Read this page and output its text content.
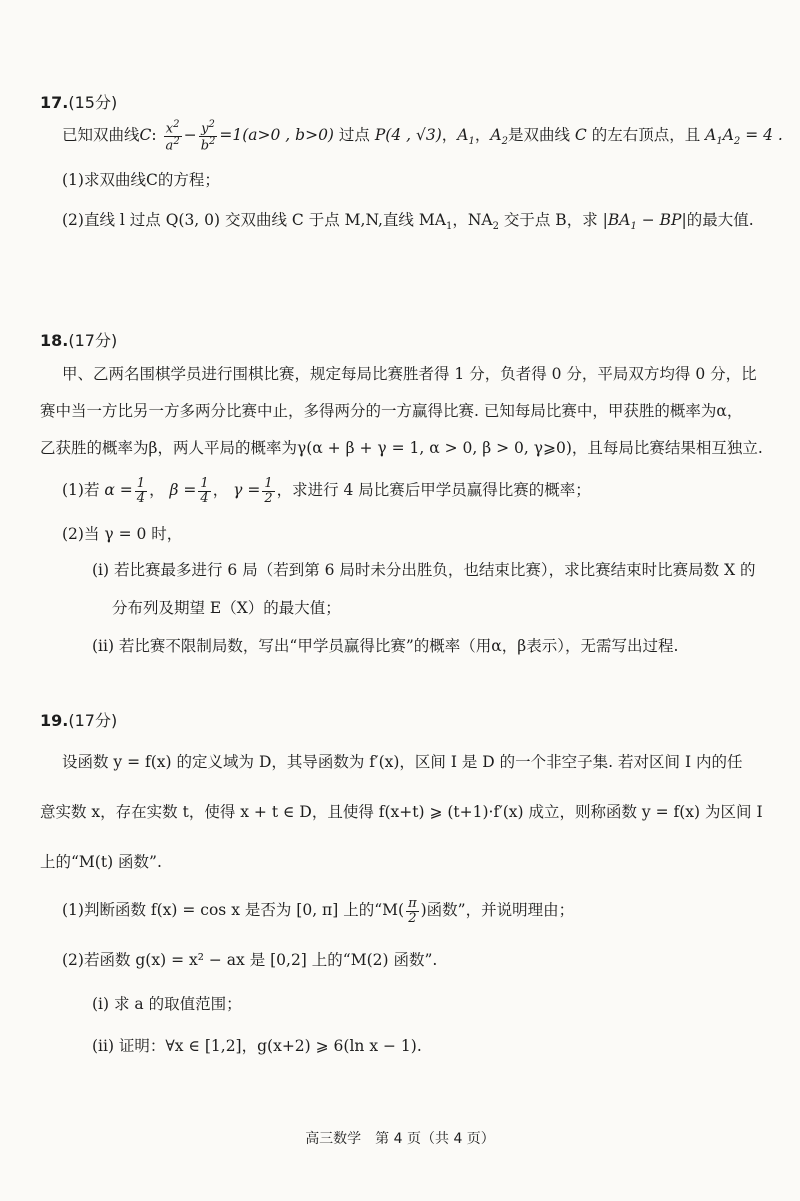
17.(15分)
已知双曲线C: $\frac{x^2}{a^2} - \frac{y^2}{b^2} =1(a>0$ , b>0) 过点 P(4 , √3)，$A_1$，$A_2$是双曲线 C 的左右顶点，且 $A_1A_2 = 4$ .
(1)求双曲线C的方程；
(2)直线 l 过点 Q(3, 0) 交双曲线 C 于点 M,N,直线 $MA_1$，$NA_2$ 交于点 B，求 $|BA_1 - BP|$的最大值.
18.(17分)
甲、乙两名围棋学员进行围棋比赛，规定每局比赛胜者得 1 分，负者得 0 分，平局双方均得 0 分，比
赛中当一方比另一方多两分比赛中止，多得两分的一方赢得比赛. 已知每局比赛中，甲获胜的概率为α，
乙获胜的概率为β，两人平局的概率为γ(α + β + γ = 1, α > 0, β > 0, γ⩾0)，且每局比赛结果相互独立.
(1)若 $\alpha = \frac{1}{4}$ ， $\beta = \frac{1}{4}$ ， $\gamma = \frac{1}{2}$ ，求进行 4 局比赛后甲学员赢得比赛的概率；
(2)当 γ = 0 时，
(i) 若比赛最多进行 6 局（若到第 6 局时未分出胜负，也结束比赛），求比赛结束时比赛局数 X 的
分布列及期望 E（X）的最大值；
(ii) 若比赛不限制局数，写出“甲学员赢得比赛”的概率（用α，β表示），无需写出过程.
19.(17分)
设函数 y = f(x) 的定义域为 D，其导函数为 f′(x)，区间 I 是 D 的一个非空子集. 若对区间 I 内的任
意实数 x，存在实数 t，使得 x + t ∈ D，且使得 f(x+t) ⩾ (t+1)·f′(x) 成立，则称函数 y = f(x) 为区间 I
上的“M(t) 函数”.
(1)判断函数 f(x) = cos x 是否为 [0, π] 上的“$M( \frac{\pi}{2}$ )函数”，并说明理由；
(2)若函数 g(x) = x² − ax 是 [0,2] 上的“M(2) 函数”.
(i) 求 a 的取值范围；
(ii) 证明：∀x ∈ [1,2]，g(x+2) ⩾ 6(ln x − 1).
高三数学　第 4 页（共 4 页）
